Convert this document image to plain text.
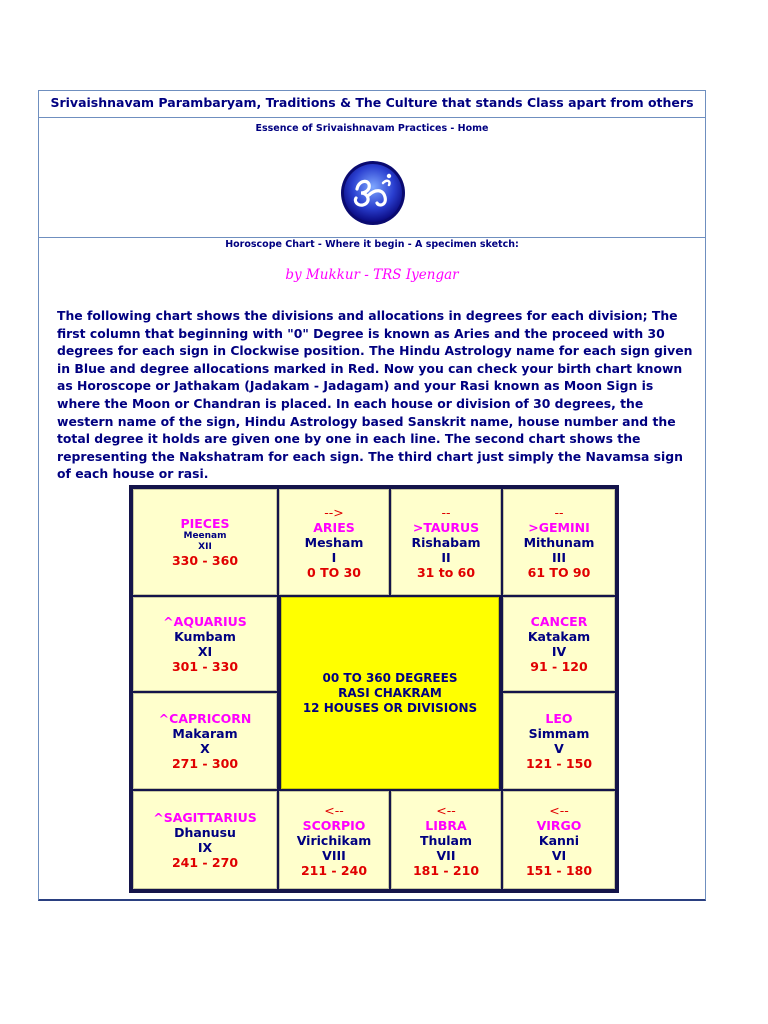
Srivaishnavam Parambaryam, Traditions & The Culture that stands Class apart from others
Essence of Srivaishnavam Practices - Home
Horoscope Chart - Where it begin - A specimen sketch:
by Mukkur - TRS Iyengar
The following chart shows the divisions and allocations in degrees for each division; The first column that beginning with "0" Degree is known as Aries and the proceed with 30 degrees for each sign in Clockwise position. The Hindu Astrology name for each sign given in Blue and degree allocations marked in Red. Now you can check your birth chart known as Horoscope or Jathakam (Jadakam - Jadagam) and your Rasi known as Moon Sign is where the Moon or Chandran is placed. In each house or division of 30 degrees, the western name of the sign, Hindu Astrology based Sanskrit name, house number and the total degree it holds are given one by one in each line. The second chart shows the representing the Nakshatram for each sign. The third chart just simply the Navamsa sign of each house or rasi.
PIECES
Meenam
XII
330 - 360
-->
ARIES
Mesham
I
0 TO 30
--
>TAURUS
Rishabam
II
31 to 60
--
>GEMINI
Mithunam
III
61 TO 90
^AQUARIUS
Kumbam
XI
301 - 330
00 TO 360 DEGREES
RASI CHAKRAM
12 HOUSES OR DIVISIONS
CANCER
Katakam
IV
91 - 120
^CAPRICORN
Makaram
X
271 - 300
LEO
Simmam
V
121 - 150
^SAGITTARIUS
Dhanusu
IX
241 - 270
<--
SCORPIO
Virichikam
VIII
211 - 240
<--
LIBRA
Thulam
VII
181 - 210
<--
VIRGO
Kanni
VI
151 - 180
